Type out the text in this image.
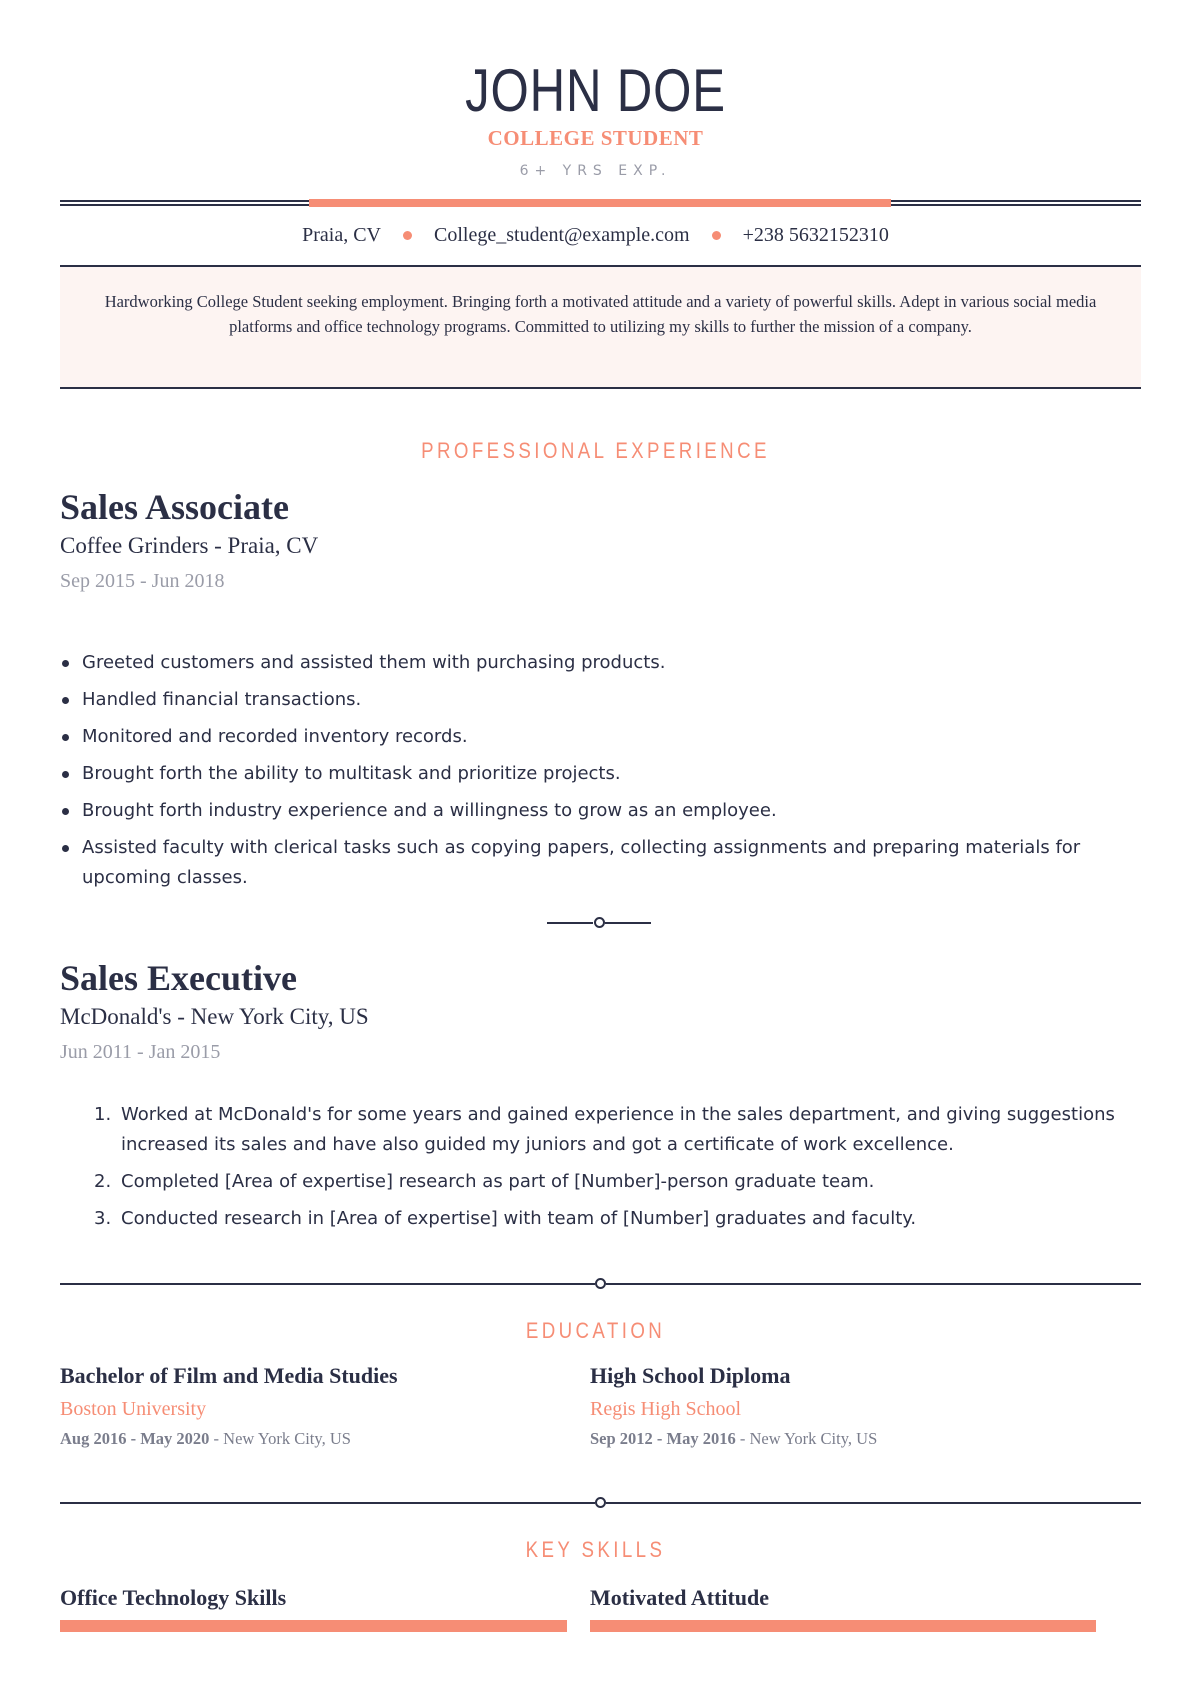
JOHN DOE
COLLEGE STUDENT
6+ YRS EXP.
Praia, CV	College_student@example.com	+238 5632152310

Hardworking College Student seeking employment. Bringing forth a motivated attitude and a variety of powerful skills. Adept in various social media platforms and office technology programs. Committed to utilizing my skills to further the mission of a company.

PROFESSIONAL EXPERIENCE
Sales Associate
Coffee Grinders - Praia, CV
Sep 2015 - Jun 2018
Greeted customers and assisted them with purchasing products.
Handled financial transactions.
Monitored and recorded inventory records.
Brought forth the ability to multitask and prioritize projects.
Brought forth industry experience and a willingness to grow as an employee.
Assisted faculty with clerical tasks such as copying papers, collecting assignments and preparing materials for upcoming classes.
Sales Executive
McDonald's - New York City, US
Jun 2011 - Jan 2015
1. Worked at McDonald's for some years and gained experience in the sales department, and giving suggestions increased its sales and have also guided my juniors and got a certificate of work excellence.
2. Completed [Area of expertise] research as part of [Number]-person graduate team.
3. Conducted research in [Area of expertise] with team of [Number] graduates and faculty.
EDUCATION
Bachelor of Film and Media Studies
Boston University
Aug 2016 - May 2020 - New York City, US
High School Diploma
Regis High School
Sep 2012 - May 2016 - New York City, US
KEY SKILLS
Office Technology Skills	Motivated Attitude
